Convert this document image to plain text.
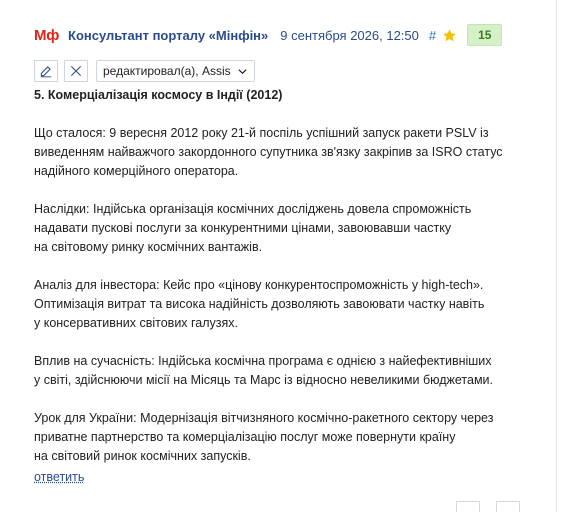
Мф Консультант порталу «Мінфін» 9 сентября 2026, 12:50 #	15
редактировал(а), Assis

5. Комерціалізація космосу в Індії (2012)

Що сталося: 9 вересня 2012 року 21-й поспіль успішний запуск ракети PSLV із
виведенням найважчого закордонного супутника зв'язку закріпив за ISRO статус
надійного комерційного оператора.

Наслідки: Індійська організація космічних досліджень довела спроможність
надавати пускові послуги за конкурентними цінами, завоювавши частку
на світовому ринку космічних вантажів.

Аналіз для інвестора: Кейс про «цінову конкурентоспроможність у high-tech».
Оптимізація витрат та висока надійність дозволяють завоювати частку навіть
у консервативних світових галузях.

Вплив на сучасність: Індійська космічна програма є однією з найефективніших
у світі, здійснюючи місії на Місяць та Марс із відносно невеликими бюджетами.

Урок для України: Модернізація вітчизняного космічно-ракетного сектору через
приватне партнерство та комерціалізацію послуг може повернути країну
на світовий ринок космічних запусків.

ответить
